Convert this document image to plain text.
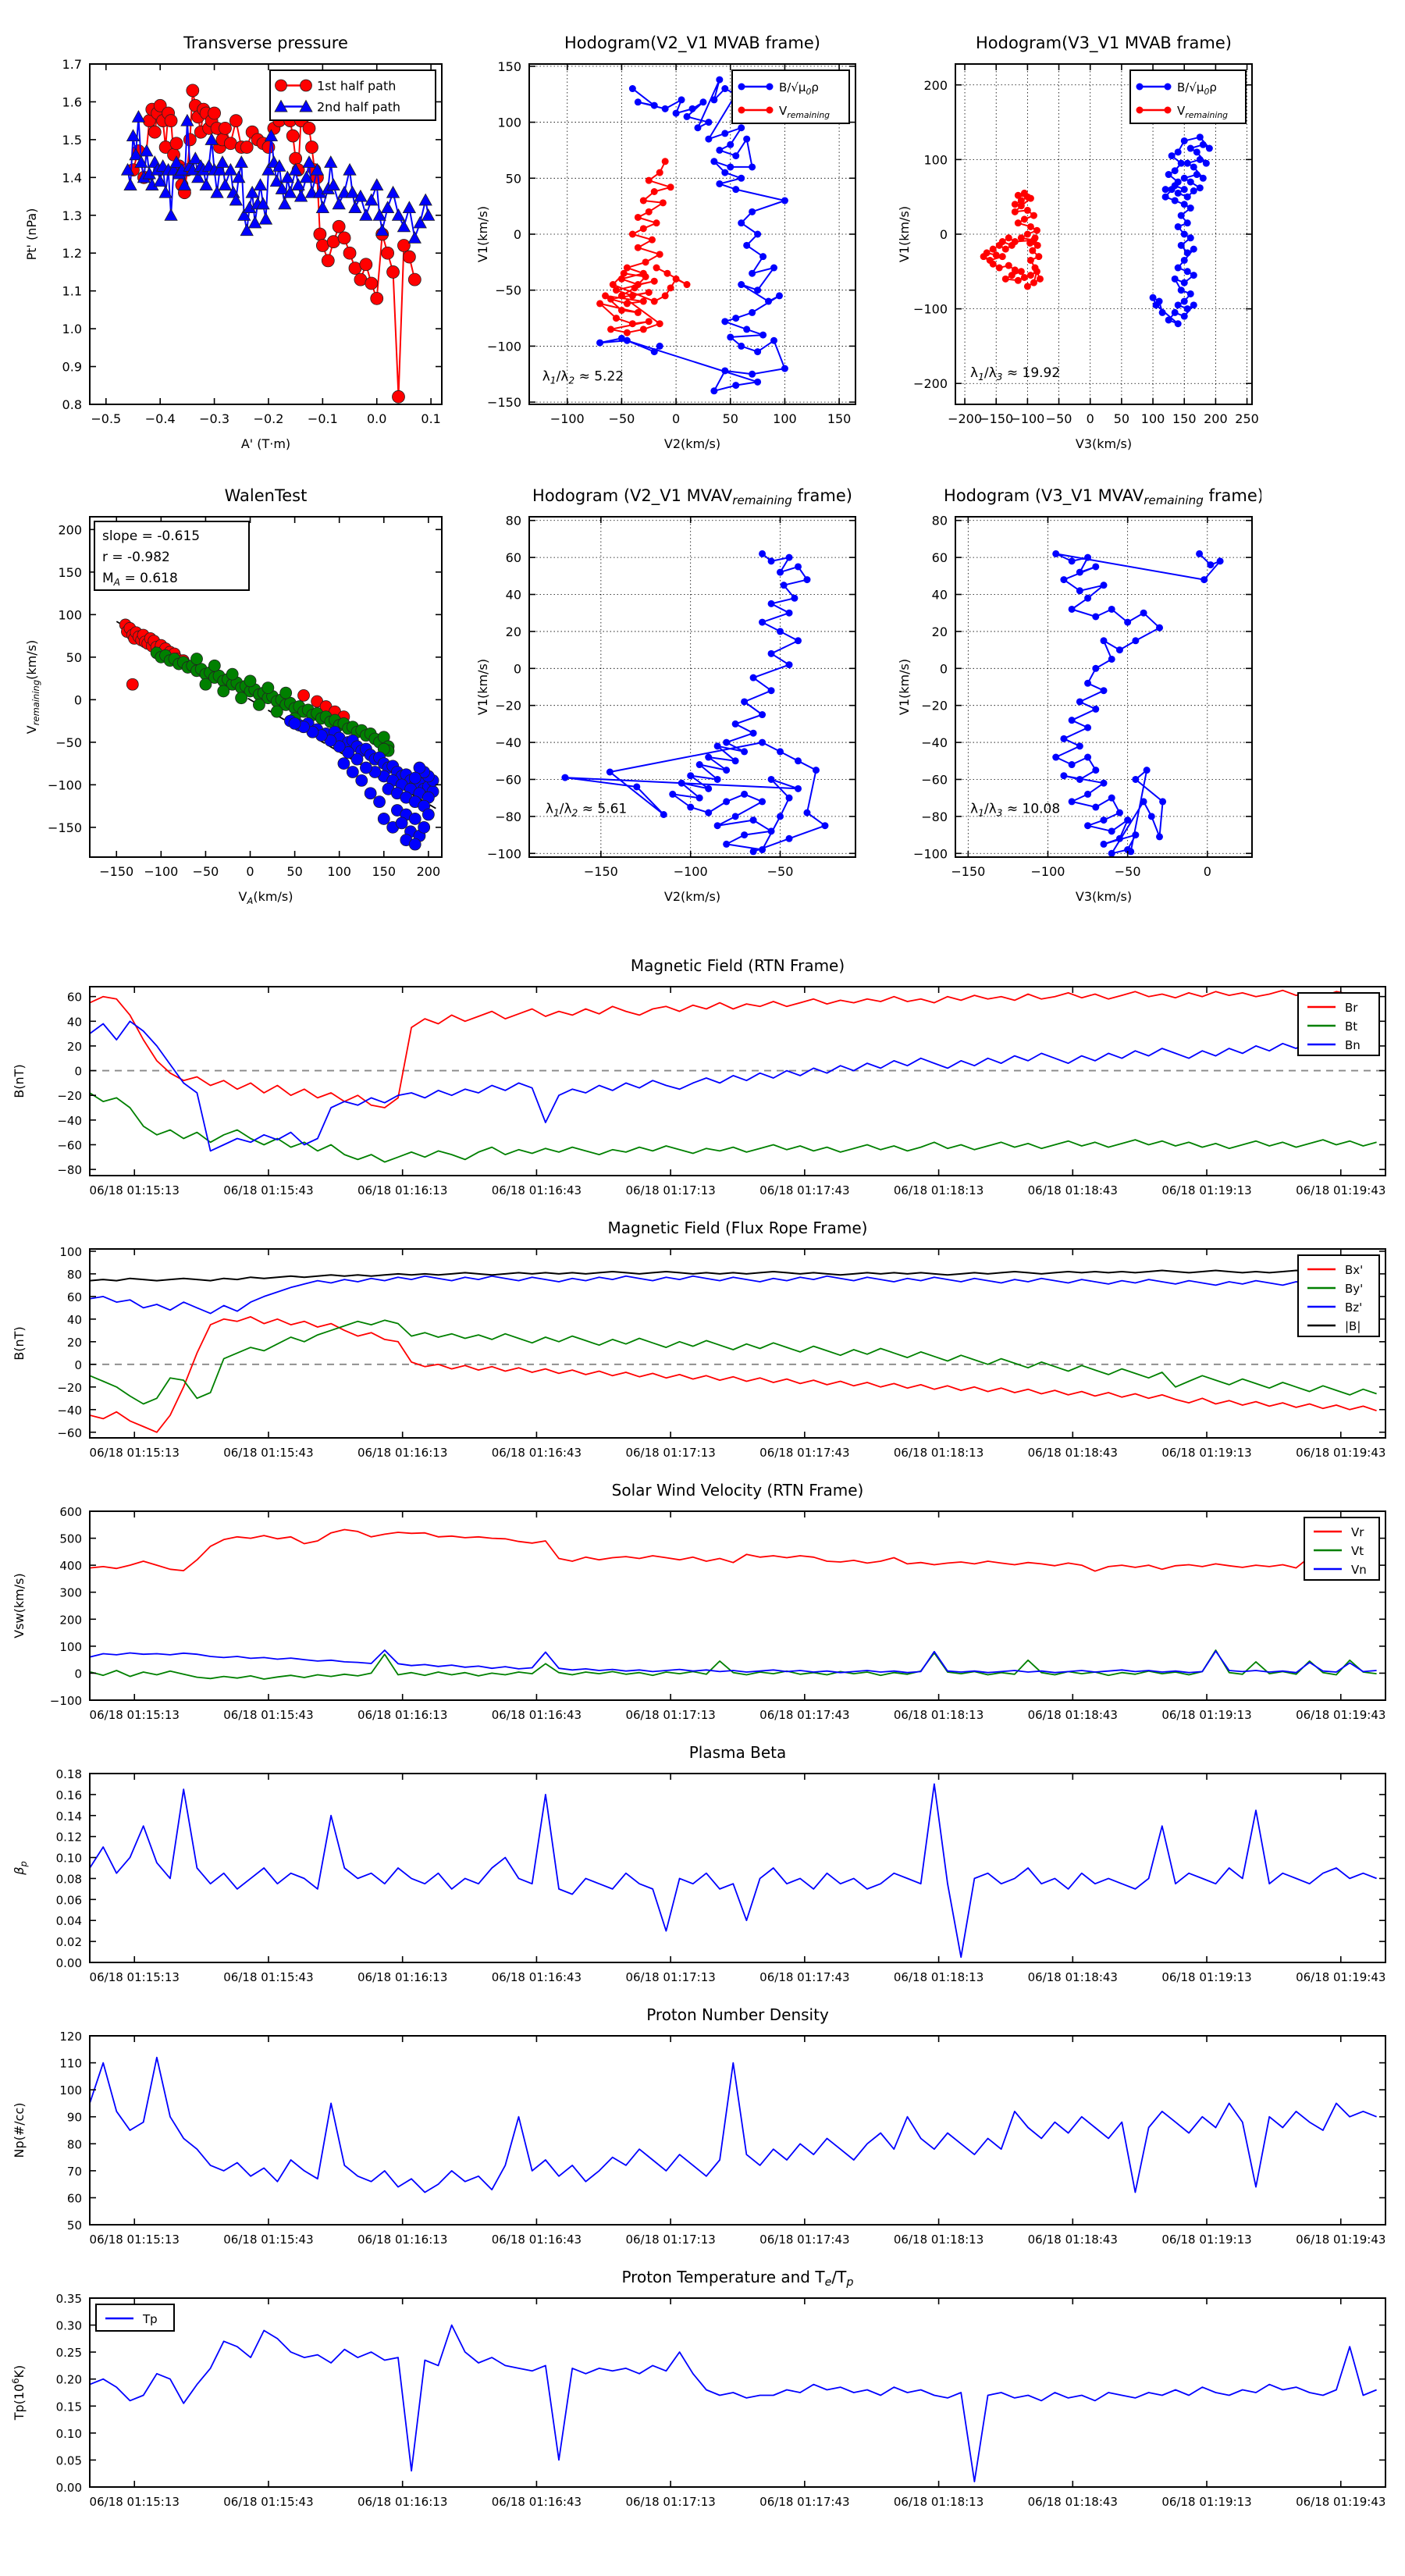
−0.5 −0.4 −0.3 −0.2 −0.1 0.0	0.1
0.8
0.9
1.0
1.1
1.2
1.3
1.4
1.5
1.6
1.7
Transverse pressure
A' (T·m)
Pt' (nPa)
1st half path
2nd half path
−100 −50	0	50	100 150
−150
−100
−50
0
50
100
150
Hodogram(V2_V1 MVAB frame)
V2(km/s)
V1(km/s)
$\lambda_1/\lambda_2 \approx 5.22$
$B/√\mu_0\rho$
$V_{remaining}$
−200
−150
−100 −50 0 50 100 150 200 250
−200
−100
0
100
200
Hodogram(V3_V1 MVAB frame)
V3(km/s)
V1(km/s)
$\lambda_1/\lambda_3 \approx 19.92$
$B/√\mu_0\rho$
$V_{remaining}$
−150 −100 −50 0	50 100 150 200
−150
−100
−50
0
50
100
150
200
WalenTest
$V_A(km/s)$
$V_{remaining}(km/s)$
slope = -0.615
r = -0.982
$M_A = 0.618$
−150	−100	−50
−100
−80
−60
−40
−20
0
20
40
60
80
Hodogram (V2_V1 MVAVremaining frame)
V2(km/s)
V1(km/s)
$\lambda_1/\lambda_2 \approx 5.61$
−150	−100	−50	0
−100
−80
−60
−40
−20
0
20
40
60
80
Hodogram (V3_V1 MVAVremaining frame)
V3(km/s)
V1(km/s)
$\lambda_1/\lambda_3 \approx 10.08$
06/18 01:15:13	06/18 01:15:43	06/18 01:16:13	06/18 01:16:43	06/18 01:17:13	06/18 01:17:43	06/18 01:18:13	06/18 01:18:43	06/18 01:19:13	06/18 01:19:43
−80
−60
−40
−20
0
20
40
60
Magnetic Field (RTN Frame)
B(nT)
Br
Bt
Bn
06/18 01:15:13	06/18 01:15:43	06/18 01:16:13	06/18 01:16:43	06/18 01:17:13	06/18 01:17:43	06/18 01:18:13	06/18 01:18:43	06/18 01:19:13	06/18 01:19:43
−60
−40
−20
0
20
40
60
80
100
Magnetic Field (Flux Rope Frame)
B(nT)
Bx'
By'
Bz'
|B|
06/18 01:15:13	06/18 01:15:43	06/18 01:16:13	06/18 01:16:43	06/18 01:17:13	06/18 01:17:43	06/18 01:18:13	06/18 01:18:43	06/18 01:19:13	06/18 01:19:43
−100
0
100
200
300
400
500
600
Solar Wind Velocity (RTN Frame)
Vsw(km/s)
Vr
Vt
Vn
06/18 01:15:13	06/18 01:15:43	06/18 01:16:13	06/18 01:16:43	06/18 01:17:13	06/18 01:17:43	06/18 01:18:13	06/18 01:18:43	06/18 01:19:13	06/18 01:19:43
0.00
0.02
0.04
0.06
0.08
0.10
0.12
0.14
0.16
0.18
Plasma Beta
$\beta_p$
06/18 01:15:13	06/18 01:15:43	06/18 01:16:13	06/18 01:16:43	06/18 01:17:13	06/18 01:17:43	06/18 01:18:13	06/18 01:18:43	06/18 01:19:13	06/18 01:19:43
50
60
70
80
90
100
110
120
Proton Number Density
Np(#/cc)
06/18 01:15:13	06/18 01:15:43	06/18 01:16:13	06/18 01:16:43	06/18 01:17:13	06/18 01:17:43	06/18 01:18:13	06/18 01:18:43	06/18 01:19:13	06/18 01:19:43
0.00
0.05
0.10
0.15
0.20
0.25
0.30
0.35
Proton Temperature and $T_e/T_p$
$Tp(10^6K)$
Tp
